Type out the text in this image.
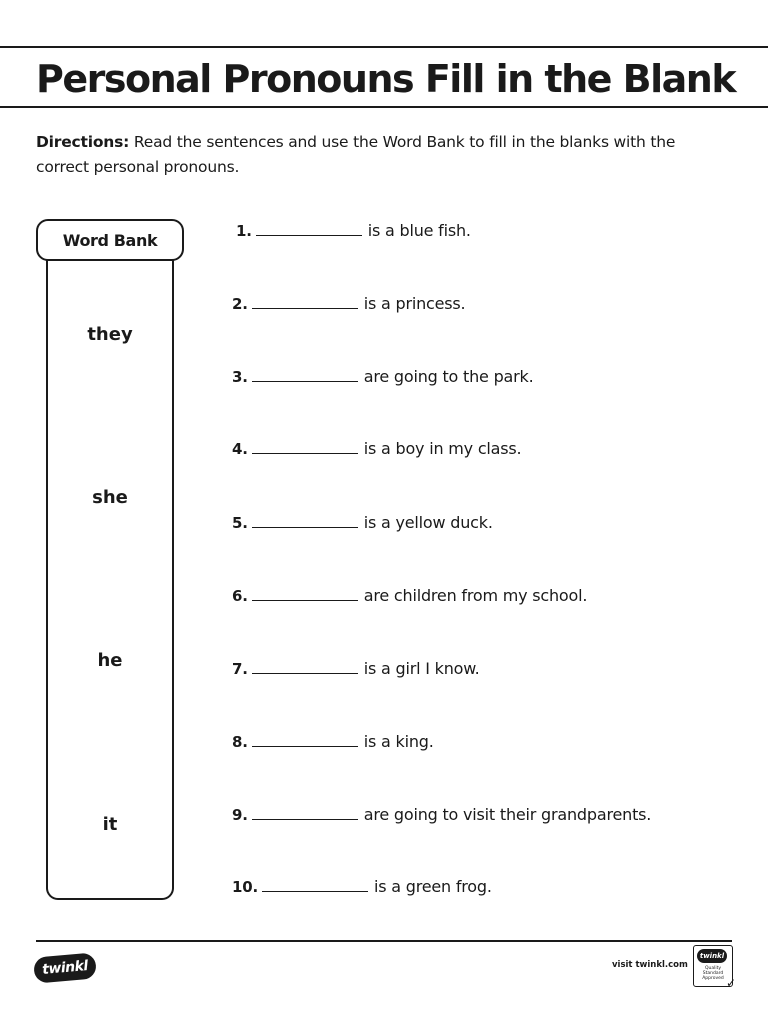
Personal Pronouns Fill in the Blank
Directions: Read the sentences and use the Word Bank to fill in the blanks with the correct personal pronouns.
Word Bank
they
she
he
it
1.	is a blue fish.
2.	is a princess.
3.	are going to the park.
4.	is a boy in my class.
5.	is a yellow duck.
6.	are children from my school.
7.	is a girl I know.
8.	is a king.
9.	are going to visit their grandparents.
10.	is a green frog.
twinkl	visit twinkl.com
twinkl
Quality Standard Approved ✓
